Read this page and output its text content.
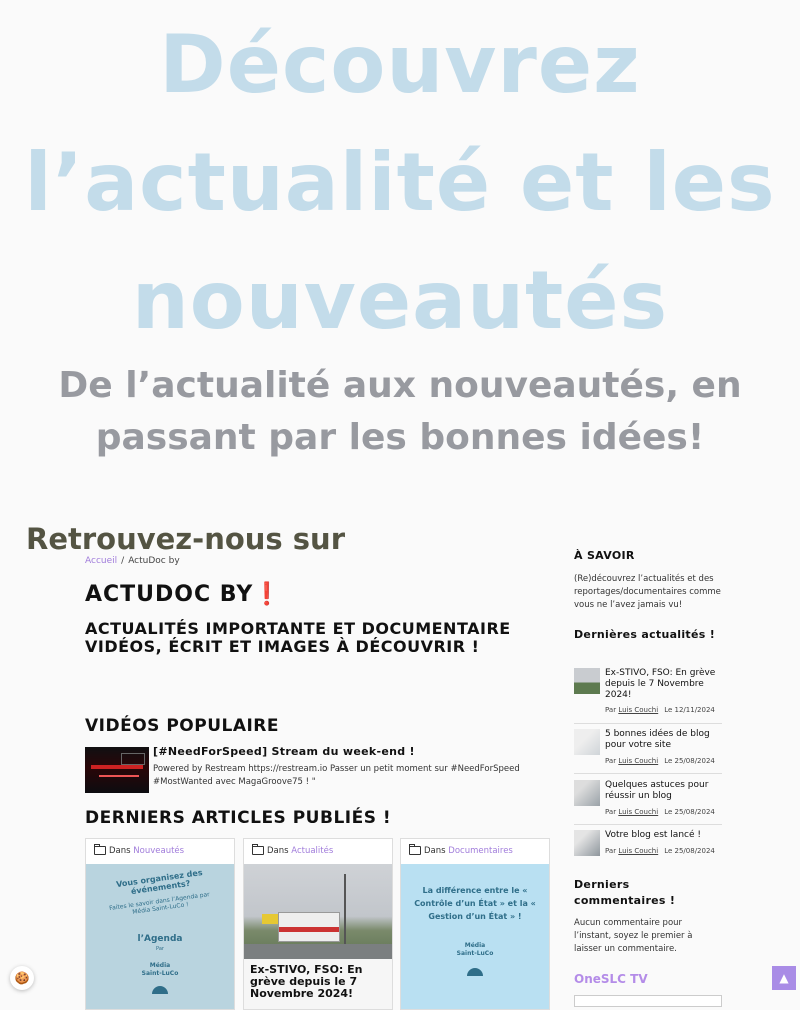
Découvrez l’actualité et les nouveautés
De l’actualité aux nouveautés, en
passant par les bonnes idées!

Retrouvez-nous sur

Accueil / ActuDoc by
ACTUDOC BY❗
ACTUALITÉS IMPORTANTE ET DOCUMENTAIRE VIDÉOS, ÉCRIT ET IMAGES À DÉCOUVRIR !
VIDÉOS POPULAIRE
[#NeedForSpeed] Stream du week-end !
Powered by Restream https://restream.io Passer un petit moment sur #NeedForSpeed #MostWanted avec MagaGroove75 ! "
DERNIERS ARTICLES PUBLIÉS !
Dans Nouveautés
Vous organisez des événements?
Faites le savoir dans l’Agenda par Média Saint-LuCo !
l’Agenda
Par
Média
Saint-LuCo
Dans Actualités
Ex-STIVO, FSO: En grève depuis le 7 Novembre 2024!
Dans Documentaires
La différence entre le « Contrôle d’un État » et la « Gestion d’un État » !
Média
Saint-LuCo
À SAVOIR

(Re)découvrez l’actualités et des reportages/documentaires comme vous ne l’avez jamais vu!

Dernières actualités !
Ex-STIVO, FSO: En grève depuis le 7 Novembre 2024!
Par Luis Couchi Le 12/11/2024
5 bonnes idées de blog pour votre site
Par Luis Couchi Le 25/08/2024
Quelques astuces pour réussir un blog
Par Luis Couchi Le 25/08/2024
Votre blog est lancé !
Par Luis Couchi Le 25/08/2024
Derniers commentaires !

Aucun commentaire pour l’instant, soyez le premier à laisser un commentaire.

OneSLC TV
🍪	▲
